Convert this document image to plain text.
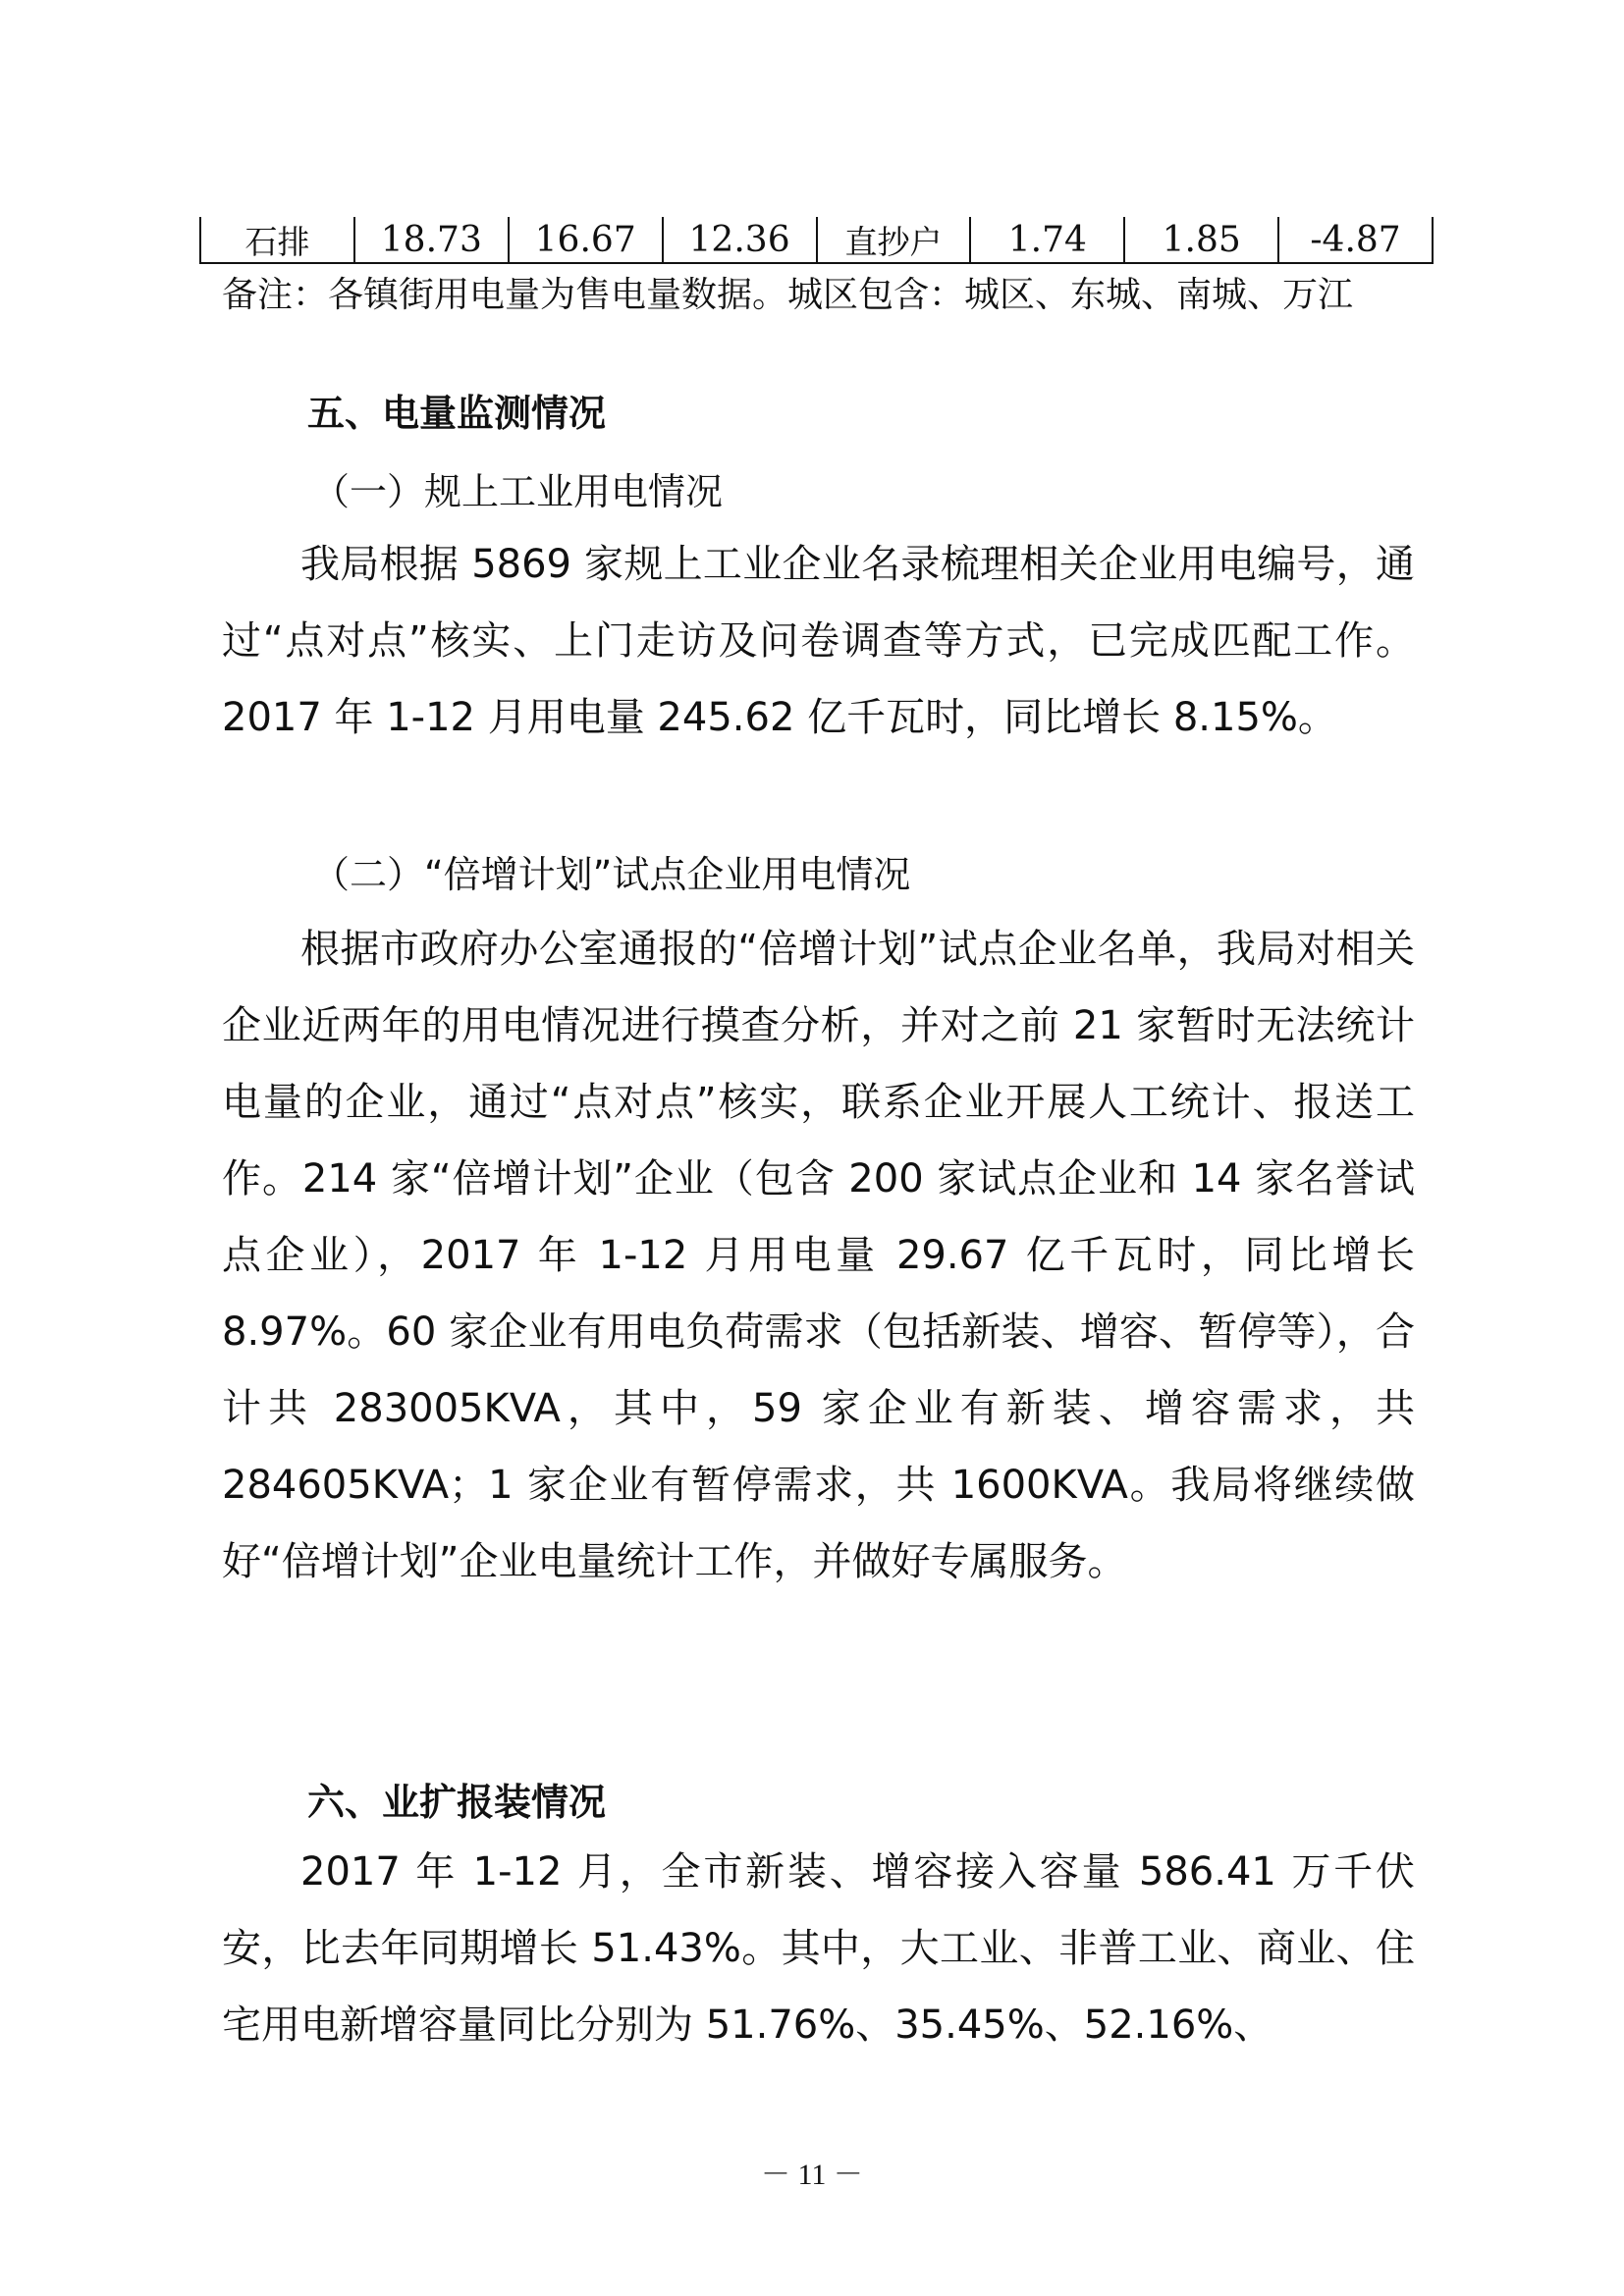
石排	18.73	16.67	12.36	直抄户	1.74	1.85	-4.87
备注：各镇街用电量为售电量数据。城区包含：城区、东城、南城、万江
五、电量监测情况
（一）规上工业用电情况

我局根据 5869 家规上工业企业名录梳理相关企业用电编号，通过“点对点”核实、上门走访及问卷调查等方式，已完成匹配工作。2017 年 1-12 月用电量 245.62 亿千瓦时，同比增长 8.15%。

（二）“倍增计划”试点企业用电情况

根据市政府办公室通报的“倍增计划”试点企业名单，我局对相关企业近两年的用电情况进行摸查分析，并对之前 21 家暂时无法统计电量的企业，通过“点对点”核实，联系企业开展人工统计、报送工作。214 家“倍增计划”企业（包含 200 家试点企业和 14 家名誉试点企业），2017 年 1-12 月用电量 29.67 亿千瓦时，同比增长 8.97%。60 家企业有用电负荷需求（包括新装、增容、暂停等），合计共 283005KVA，其中，59 家企业有新装、增容需求，共 284605KVA；1 家企业有暂停需求，共 1600KVA。我局将继续做好“倍增计划”企业电量统计工作，并做好专属服务。

六、业扩报装情况

2017 年 1-12 月，全市新装、增容接入容量 586.41 万千伏安，比去年同期增长 51.43%。其中，大工业、非普工业、商业、住宅用电新增容量同比分别为 51.76%、35.45%、52.16%、

－ 11 －
